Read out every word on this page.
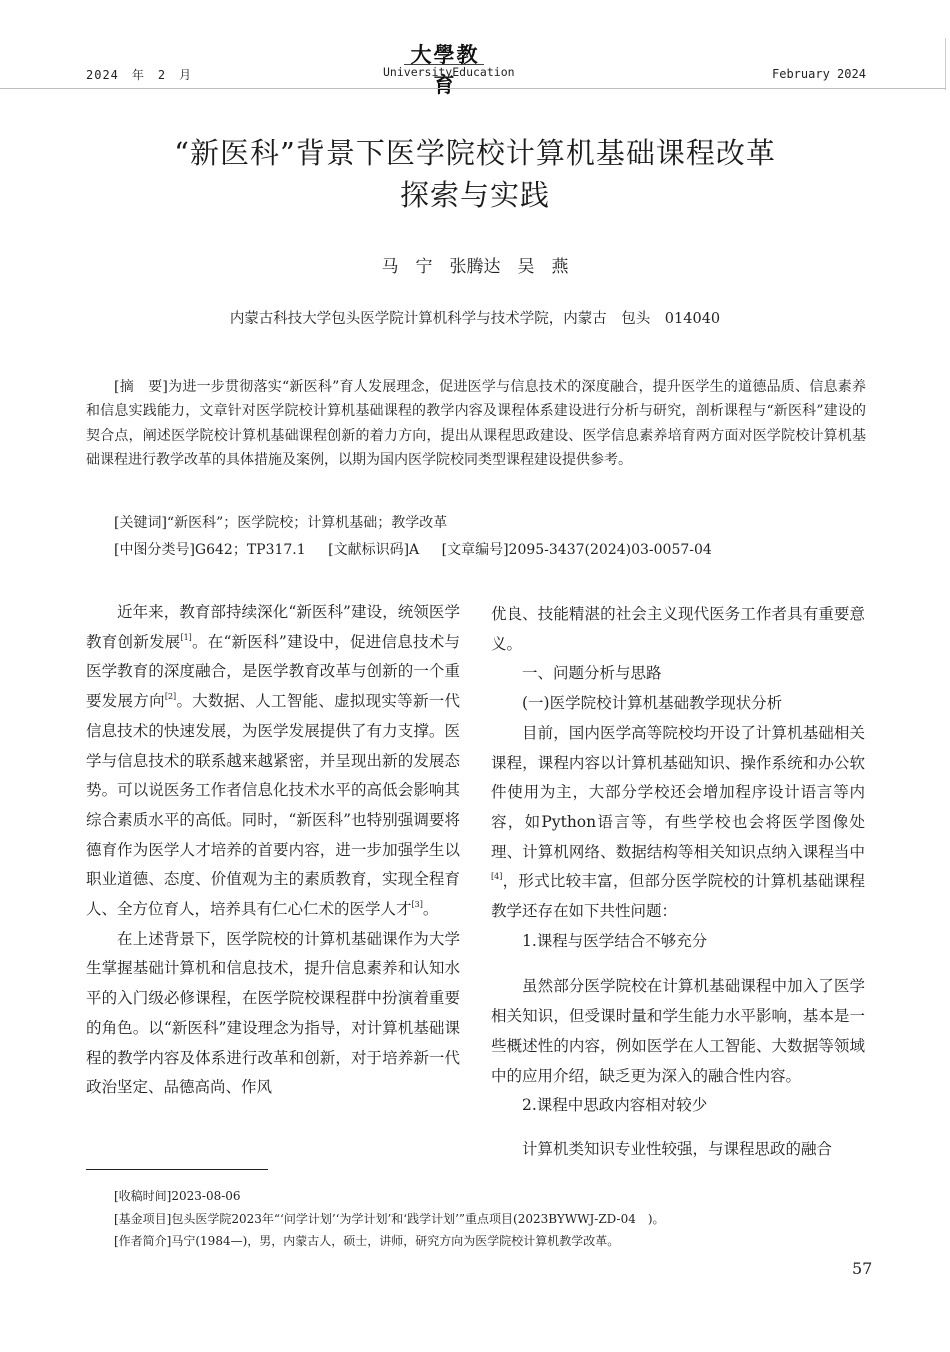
2024　年　2　月
大學教育
UniversityEducation	February 2024
“新医科”背景下医学院校计算机基础课程改革
探索与实践
马　宁　张腾达　吴　燕
内蒙古科技大学包头医学院计算机科学与技术学院，内蒙古　包头　014040

[摘　要]为进一步贯彻落实“新医科”育人发展理念，促进医学与信息技术的深度融合，提升医学生的道德品质、信息素养和信息实践能力，文章针对医学院校计算机基础课程的教学内容及课程体系建设进行分析与研究，剖析课程与“新医科”建设的契合点，阐述医学院校计算机基础课程创新的着力方向，提出从课程思政建设、医学信息素养培育两方面对医学院校计算机基础课程进行教学改革的具体措施及案例，以期为国内医学院校同类型课程建设提供参考。

[关键词]“新医科”；医学院校；计算机基础；教学改革
[中图分类号]G642；TP317.1 [文献标识码]A [文章编号]2095-3437(2024)03-0057-04

近年来，教育部持续深化“新医科”建设，统领医学教育创新发展[1]。在“新医科”建设中，促进信息技术与医学教育的深度融合，是医学教育改革与创新的一个重要发展方向[2]。大数据、人工智能、虚拟现实等新一代信息技术的快速发展，为医学发展提供了有力支撑。医学与信息技术的联系越来越紧密，并呈现出新的发展态势。可以说医务工作者信息化技术水平的高低会影响其综合素质水平的高低。同时，“新医科”也特别强调要将德育作为医学人才培养的首要内容，进一步加强学生以职业道德、态度、价值观为主的素质教育，实现全程育人、全方位育人，培养具有仁心仁术的医学人才[3]。

在上述背景下，医学院校的计算机基础课作为大学生掌握基础计算机和信息技术，提升信息素养和认知水平的入门级必修课程，在医学院校课程群中扮演着重要的角色。以“新医科”建设理念为指导，对计算机基础课程的教学内容及体系进行改革和创新，对于培养新一代政治坚定、品德高尚、作风

优良、技能精湛的社会主义现代医务工作者具有重要意义。

一、问题分析与思路

(一)医学院校计算机基础教学现状分析

目前，国内医学高等院校均开设了计算机基础相关课程，课程内容以计算机基础知识、操作系统和办公软件使用为主，大部分学校还会增加程序设计语言等内容，如Python语言等，有些学校也会将医学图像处理、计算机网络、数据结构等相关知识点纳入课程当中[4]，形式比较丰富，但部分医学院校的计算机基础课程教学还存在如下共性问题：

1.课程与医学结合不够充分

虽然部分医学院校在计算机基础课程中加入了医学相关知识，但受课时量和学生能力水平影响，基本是一些概述性的内容，例如医学在人工智能、大数据等领域中的应用介绍，缺乏更为深入的融合性内容。

2.课程中思政内容相对较少

计算机类知识专业性较强，与课程思政的融合

[收稿时间]2023-08-06
[基金项目]包头医学院2023年“‘问学计划’‘为学计划’和‘践学计划’”重点项目(2023BYWWJ-ZD-04　)。
[作者简介]马宁(1984—)，男，内蒙古人，硕士，讲师，研究方向为医学院校计算机教学改革。
57
